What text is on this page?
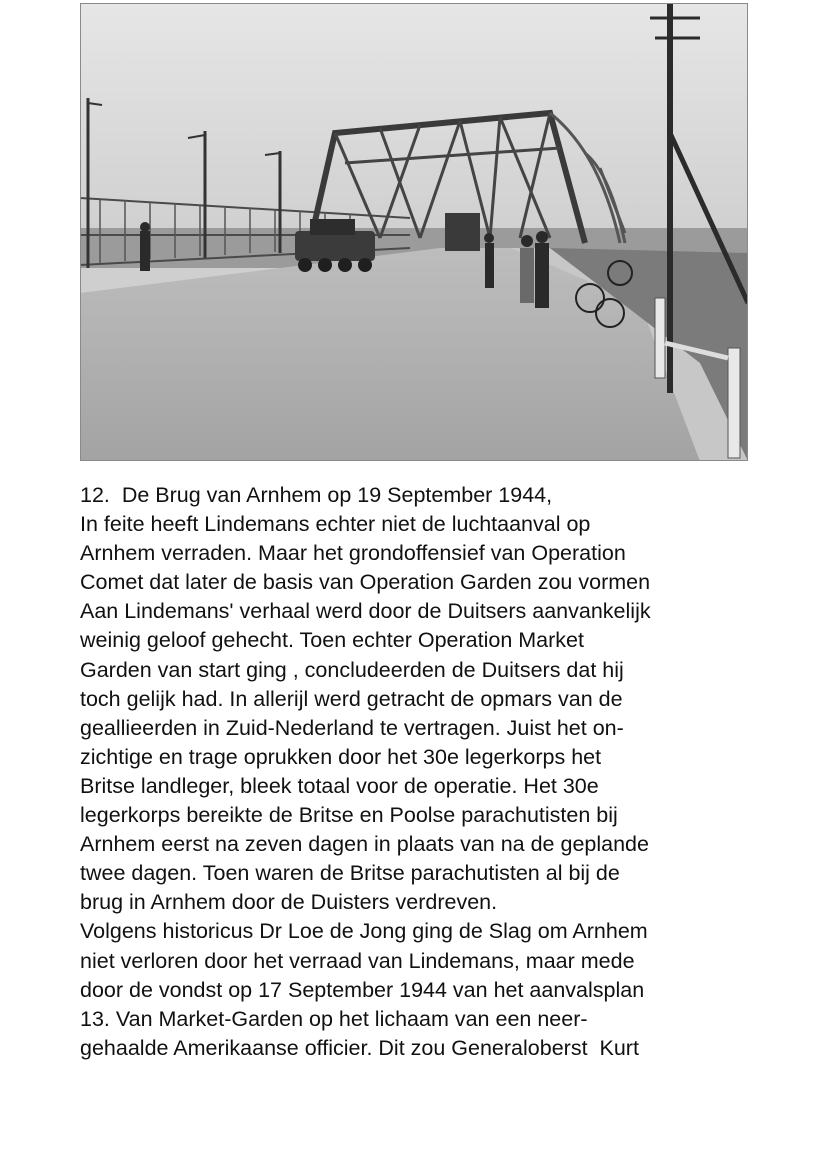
12.  De Brug van Arnhem op 19 September 1944,
In feite heeft Lindemans echter niet de luchtaanval op
Arnhem verraden. Maar het grondoffensief van Operation
Comet dat later de basis van Operation Garden zou vormen
Aan Lindemans' verhaal werd door de Duitsers aanvankelijk
weinig geloof gehecht. Toen echter Operation Market
Garden van start ging , concludeerden de Duitsers dat hij
toch gelijk had. In allerijl werd getracht de opmars van de
geallieerden in Zuid-Nederland te vertragen. Juist het on-
zichtige en trage oprukken door het 30e legerkorps het
Britse landleger, bleek totaal voor de operatie. Het 30e
legerkorps bereikte de Britse en Poolse parachutisten bij
Arnhem eerst na zeven dagen in plaats van na de geplande
twee dagen. Toen waren de Britse parachutisten al bij de
brug in Arnhem door de Duisters verdreven.
Volgens historicus Dr Loe de Jong ging de Slag om Arnhem
niet verloren door het verraad van Lindemans, maar mede
door de vondst op 17 September 1944 van het aanvalsplan
13. Van Market-Garden op het lichaam van een neer-
gehaalde Amerikaanse officier. Dit zou Generaloberst  Kurt
